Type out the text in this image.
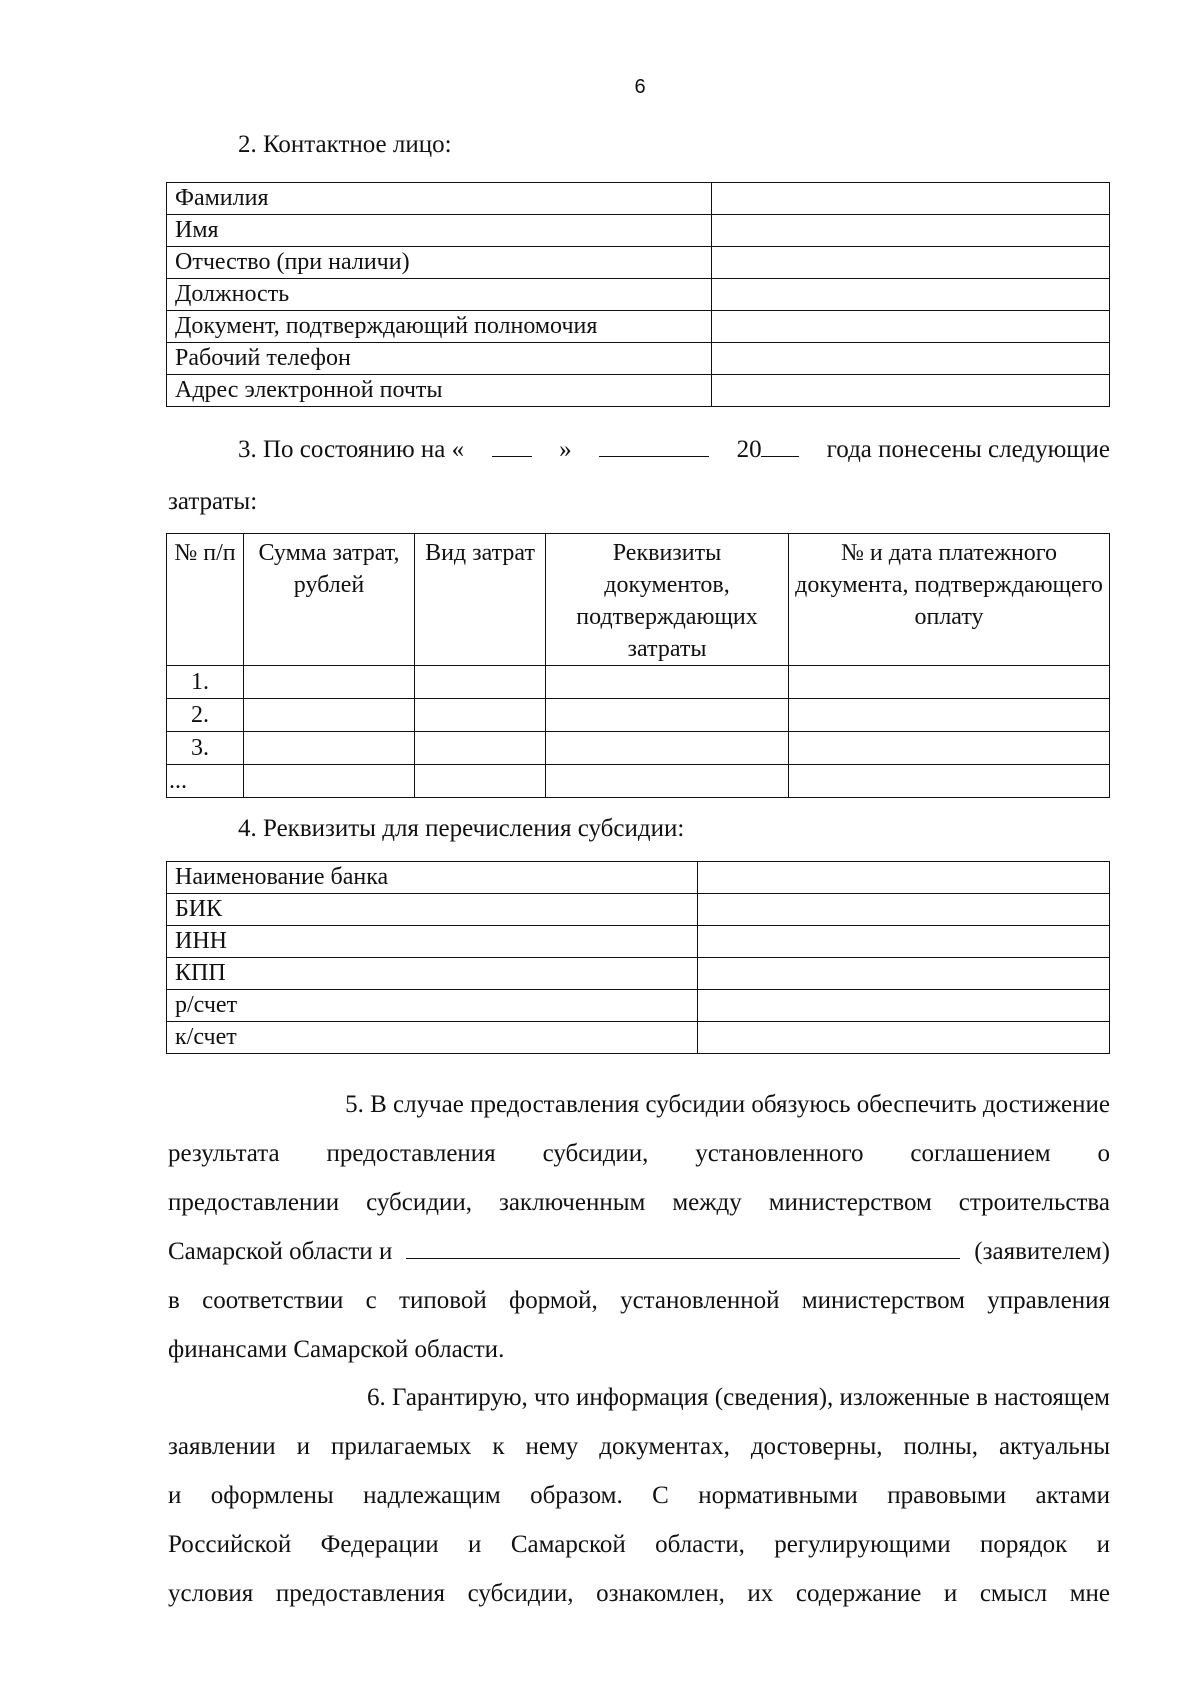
6
2. Контактное лицо:
Фамилия	
Имя	
Отчество (при наличи)	
Должность	
Документ, подтверждающий полномочия	
Рабочий телефон	
Адрес электронной почты	
3. По состоянию на «	»	20	года понесены следующие
затраты:
№ п/п	Сумма затрат, рублей	Вид затрат	Реквизиты документов, подтверждающих затраты	№ и дата платежного документа, подтверждающего оплату
1.				
2.				
3.				
...				
4. Реквизиты для перечисления субсидии:
Наименование банка	
БИК	
ИНН	
КПП	
р/счет	
к/счет	
5. В случае предоставления субсидии обязуюсь обеспечить достижение
результата предоставления субсидии, установленного соглашением о
предоставлении субсидии, заключенным между министерством строительства
Самарской области и	(заявителем)
в соответствии с типовой формой, установленной министерством управления
финансами Самарской области.
6. Гарантирую, что информация (сведения), изложенные в настоящем
заявлении и прилагаемых к нему документах, достоверны, полны, актуальны
и оформлены надлежащим образом. С нормативными правовыми актами
Российской Федерации и Самарской области, регулирующими порядок и
условия предоставления субсидии, ознакомлен, их содержание и смысл мне
